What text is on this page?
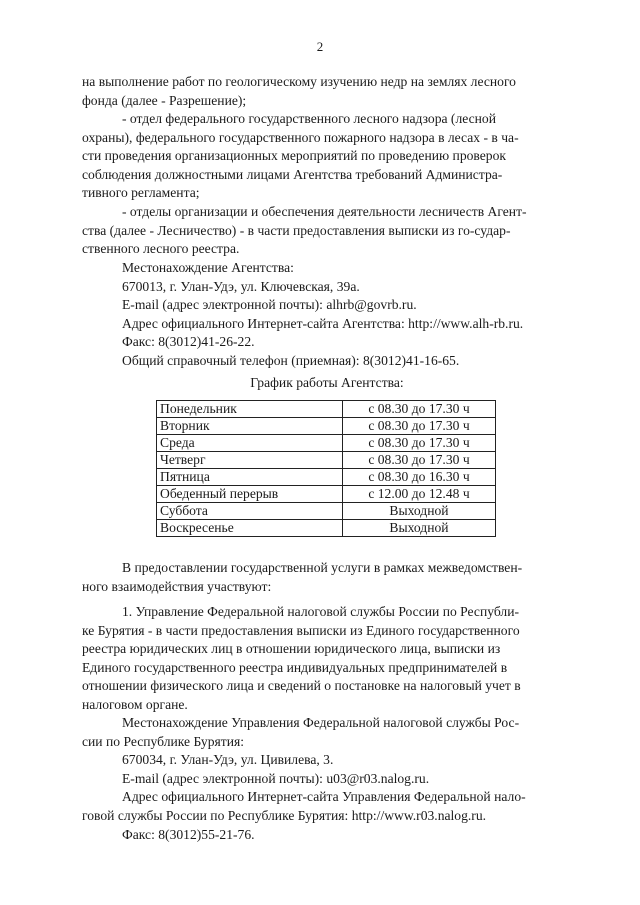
2

на выполнение работ по геологическому изучению недр на землях лесного

фонда (далее - Разрешение);

- отдел федерального государственного лесного надзора (лесной

охраны), федерального государственного пожарного надзора в лесах - в ча-

сти проведения организационных мероприятий по проведению проверок

соблюдения должностными лицами Агентства требований Администра-

тивного регламента;

- отделы организации и обеспечения деятельности лесничеств Агент-

ства (далее - Лесничество) - в части предоставления выписки из го-судар-

ственного лесного реестра.

Местонахождение Агентства:

670013, г. Улан-Удэ, ул. Ключевская, 39а.

E-mail (адрес электронной почты): alhrb@govrb.ru.

Адрес официального Интернет-сайта Агентства: http://www.alh-rb.ru.

Факс: 8(3012)41-26-22.

Общий справочный телефон (приемная): 8(3012)41-16-65.

График работы Агентства:
Понедельник	с 08.30 до 17.30 ч
Вторник	с 08.30 до 17.30 ч
Среда	с 08.30 до 17.30 ч
Четверг	с 08.30 до 17.30 ч
Пятница	с 08.30 до 16.30 ч
Обеденный перерыв	с 12.00 до 12.48 ч
Суббота	Выходной
Воскресенье	Выходной

В предоставлении государственной услуги в рамках межведомствен-

ного взаимодействия участвуют:

1. Управление Федеральной налоговой службы России по Республи-

ке Бурятия - в части предоставления выписки из Единого государственного

реестра юридических лиц в отношении юридического лица, выписки из

Единого государственного реестра индивидуальных предпринимателей в

отношении физического лица и сведений о постановке на налоговый учет в

налоговом органе.

Местонахождение Управления Федеральной налоговой службы Рос-

сии по Республике Бурятия:

670034, г. Улан-Удэ, ул. Цивилева, 3.

E-mail (адрес электронной почты): u03@r03.nalog.ru.

Адрес официального Интернет-сайта Управления Федеральной нало-

говой службы России по Республике Бурятия: http://www.r03.nalog.ru.

Факс: 8(3012)55-21-76.
